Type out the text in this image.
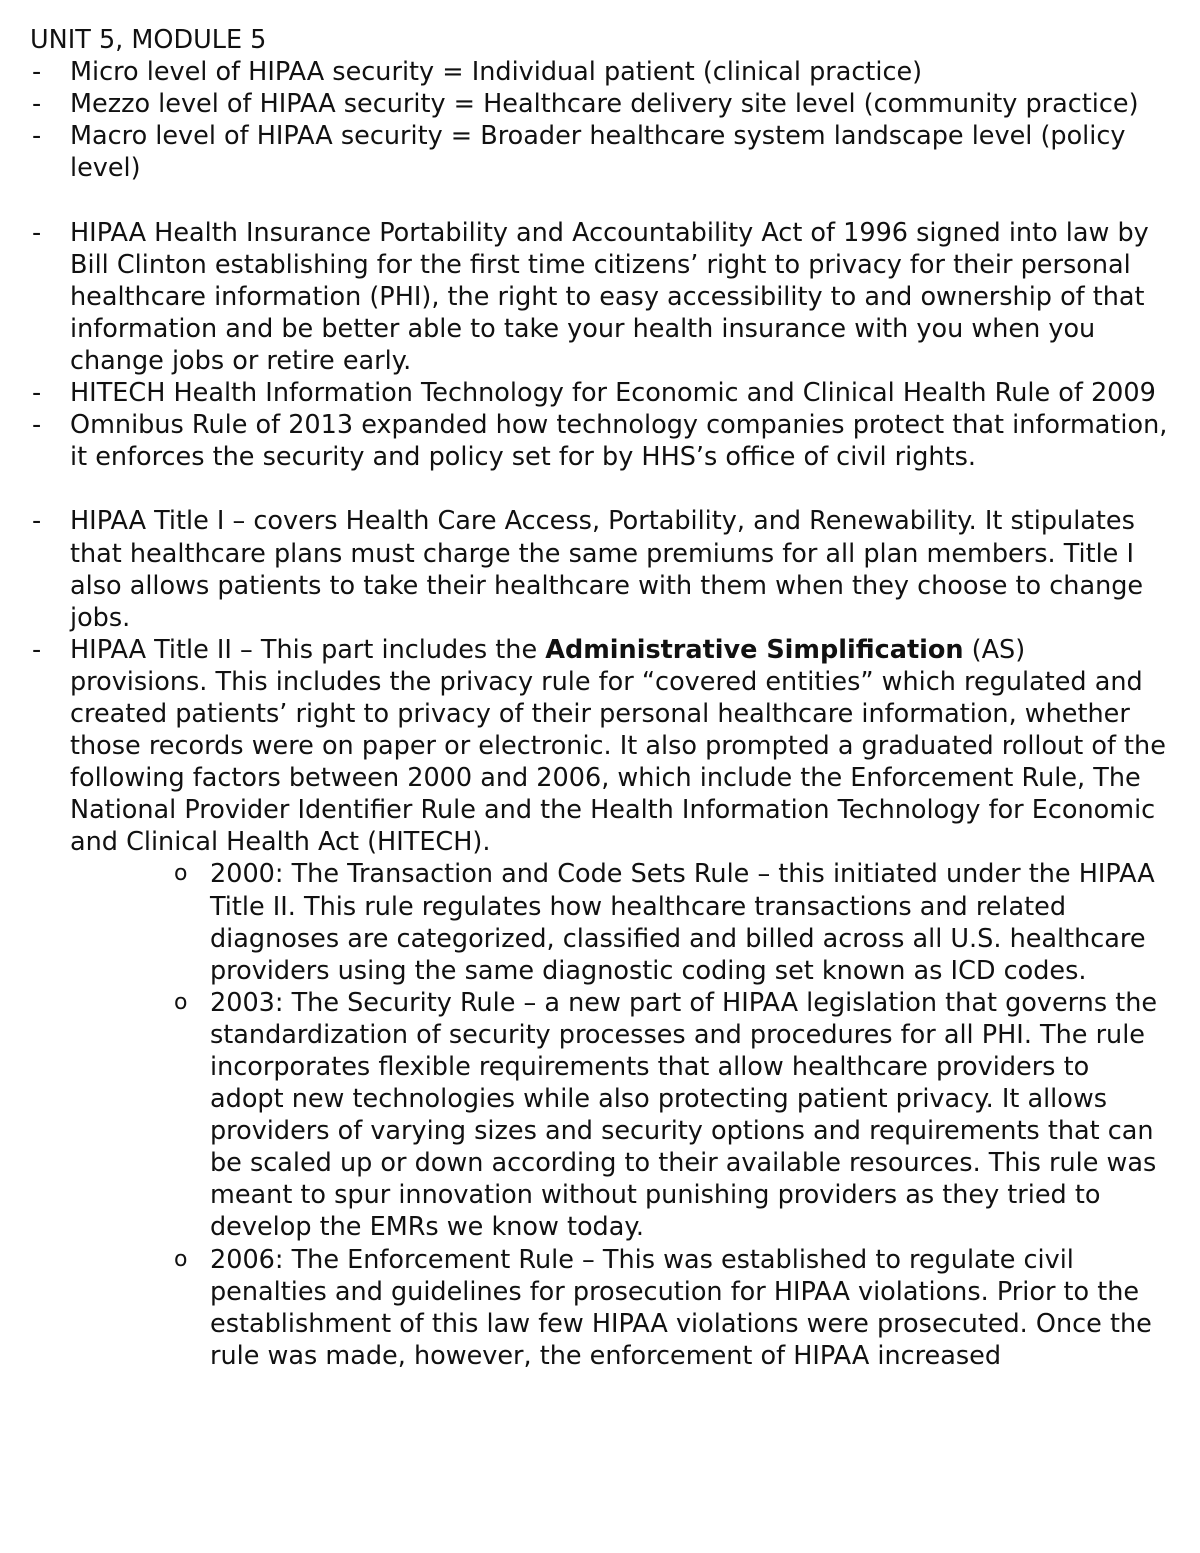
UNIT 5, MODULE 5
- Micro level of HIPAA security = Individual patient (clinical practice)
- Mezzo level of HIPAA security = Healthcare delivery site level (community practice)
- Macro level of HIPAA security = Broader healthcare system landscape level (policy level)
- HIPAA Health Insurance Portability and Accountability Act of 1996 signed into law by Bill Clinton establishing for the first time citizens’ right to privacy for their personal healthcare information (PHI), the right to easy accessibility to and ownership of that information and be better able to take your health insurance with you when you change jobs or retire early.
- HITECH Health Information Technology for Economic and Clinical Health Rule of 2009
- Omnibus Rule of 2013 expanded how technology companies protect that information, it enforces the security and policy set for by HHS’s office of civil rights.
- HIPAA Title I – covers Health Care Access, Portability, and Renewability. It stipulates that healthcare plans must charge the same premiums for all plan members. Title I also allows patients to take their healthcare with them when they choose to change jobs.
- HIPAA Title II – This part includes the Administrative Simplification (AS) provisions. This includes the privacy rule for “covered entities” which regulated and created patients’ right to privacy of their personal healthcare information, whether those records were on paper or electronic. It also prompted a graduated rollout of the following factors between 2000 and 2006, which include the Enforcement Rule, The National Provider Identifier Rule and the Health Information Technology for Economic and Clinical Health Act (HITECH).
o 2000: The Transaction and Code Sets Rule – this initiated under the HIPAA Title II. This rule regulates how healthcare transactions and related diagnoses are categorized, classified and billed across all U.S. healthcare providers using the same diagnostic coding set known as ICD codes.
o 2003: The Security Rule – a new part of HIPAA legislation that governs the standardization of security processes and procedures for all PHI. The rule incorporates flexible requirements that allow healthcare providers to adopt new technologies while also protecting patient privacy. It allows providers of varying sizes and security options and requirements that can be scaled up or down according to their available resources. This rule was meant to spur innovation without punishing providers as they tried to develop the EMRs we know today.
o 2006: The Enforcement Rule – This was established to regulate civil penalties and guidelines for prosecution for HIPAA violations. Prior to the establishment of this law few HIPAA violations were prosecuted. Once the rule was made, however, the enforcement of HIPAA increased
